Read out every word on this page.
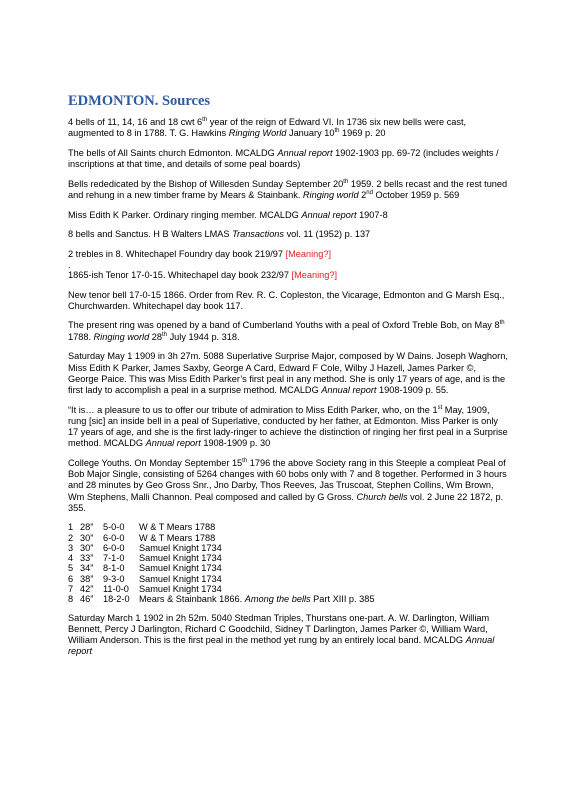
EDMONTON. Sources

4 bells of 11, 14, 16 and 18 cwt 6th year of the reign of Edward VI. In 1736 six new bells were cast, augmented to 8 in 1788. T. G. Hawkins Ringing World January 10th 1969 p. 20

The bells of All Saints church Edmonton. MCALDG Annual report 1902-1903 pp. 69-72 (includes weights / inscriptions at that time, and details of some peal boards)

Bells rededicated by the Bishop of Willesden Sunday September 20th 1959. 2 bells recast and the rest tuned and rehung in a new timber frame by Mears & Stainbank. Ringing world 2nd October 1959 p. 569

Miss Edith K Parker. Ordinary ringing member. MCALDG Annual report 1907-8

8 bells and Sanctus. H B Walters LMAS Transactions vol. 11 (1952) p. 137

2 trebles in 8. Whitechapel Foundry day book 219/97 [Meaning?]

.

1865-ish Tenor 17-0-15. Whitechapel day book 232/97 [Meaning?]

New tenor bell 17-0-15 1866. Order from Rev. R. C. Copleston, the Vicarage, Edmonton and G Marsh Esq., Churchwarden. Whitechapel day book 117.

The present ring was opened by a band of Cumberland Youths with a peal of Oxford Treble Bob, on May 8th 1788. Ringing world 28th July 1944 p. 318.

Saturday May 1 1909 in 3h 27m. 5088 Superlative Surprise Major, composed by W Dains. Joseph Waghorn, Miss Edith K Parker, James Saxby, George A Card, Edward F Cole, Wilby J Hazell, James Parker ©, George Paice. This was Miss Edith Parker’s first peal in any method. She is only 17 years of age, and is the first lady to accomplish a peal in a surprise method. MCALDG Annual report 1908-1909 p. 55.

“It is… a pleasure to us to offer our tribute of admiration to Miss Edith Parker, who, on the 1st May, 1909, rung [sic] an inside bell in a peal of Superlative, conducted by her father, at Edmonton. Miss Parker is only 17 years of age, and she is the first lady-ringer to achieve the distinction of ringing her first peal in a Surprise method. MCALDG Annual report 1908-1909 p. 30

College Youths. On Monday September 15th 1796 the above Society rang in this Steeple a compleat Peal of Bob Major Single, consisting of 5264 changes with 60 bobs only with 7 and 8 together. Performed in 3 hours and 28 minutes by Geo Gross Snr., Jno Darby, Thos Reeves, Jas Truscoat, Stephen Collins, Wm Brown, Wm Stephens, Malli Channon. Peal composed and called by G Gross. Church bells vol. 2 June 22 1872, p. 355.

1	28”	5-0-0	W & T Mears 1788
2	30”	6-0-0	W & T Mears 1788
3	30”	6-0-0	Samuel Knight 1734
4	33”	7-1-0	Samuel Knight 1734
5	34”	8-1-0	Samuel Knight 1734
6	38”	9-3-0	Samuel Knight 1734
7	42”	11-0-0	Samuel Knight 1734
8	46”	18-2-0	Mears & Stainbank 1866. Among the bells Part XIII p. 385

Saturday March 1 1902 in 2h 52m. 5040 Stedman Triples, Thurstans one-part. A. W. Darlington, William Bennett, Percy J Darlington, Richard C Goodchild, Sidney T Darlington, James Parker ©, William Ward, William Anderson. This is the first peal in the method yet rung by an entirely local band. MCALDG Annual report
